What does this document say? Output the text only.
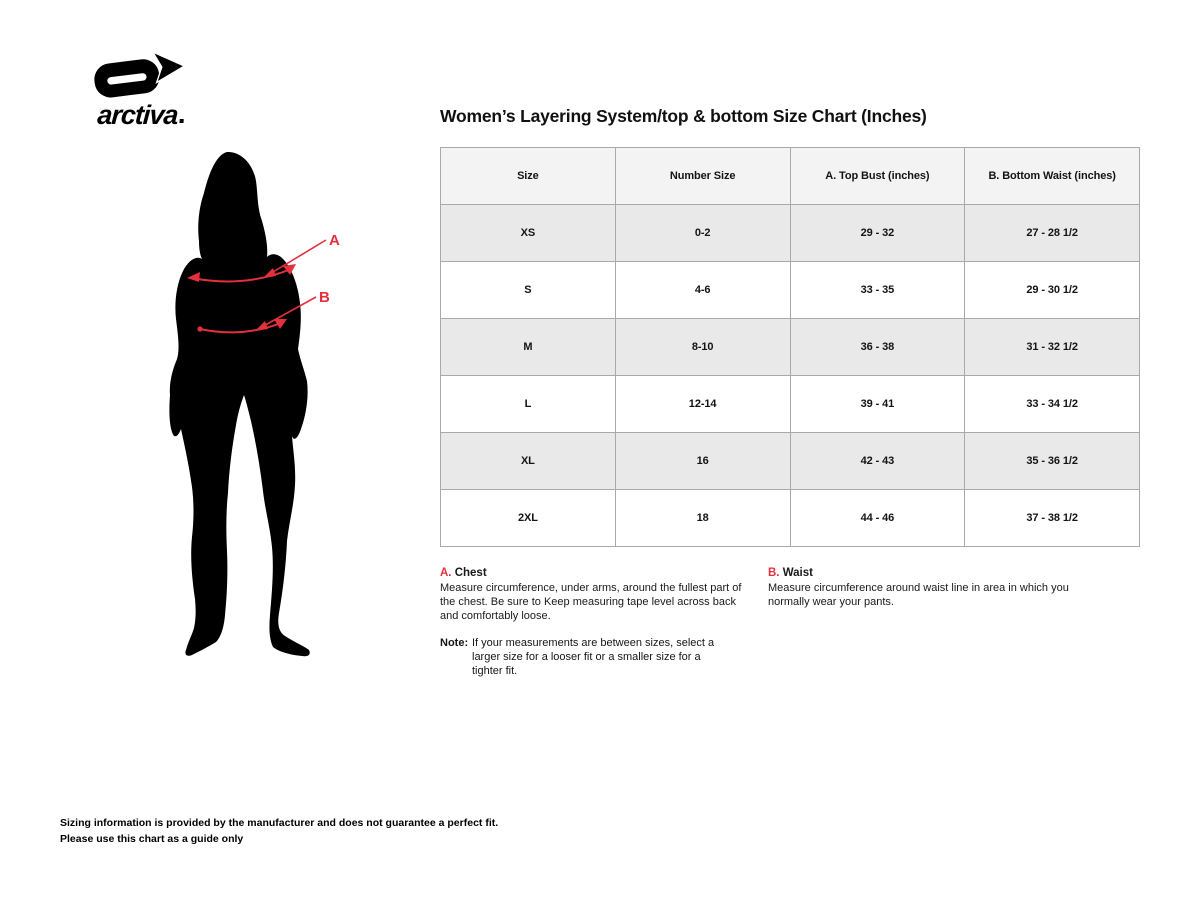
arctiva
A
B
Women’s Layering System/top & bottom Size Chart (Inches)
Size	Number Size	A. Top Bust (inches)	B. Bottom Waist (inches)
XS	0-2	29 - 32	27 - 28 1/2
S	4-6	33 - 35	29 - 30 1/2
M	8-10	36 - 38	31 - 32 1/2
L	12-14	39 - 41	33 - 34 1/2
XL	16	42 - 43	35 - 36 1/2
2XL	18	44 - 46	37 - 38 1/2
A. Chest
Measure circumference, under arms, around the fullest part of the chest. Be sure to Keep measuring tape level across back and comfortably loose.
Note: If your measurements are between sizes, select a larger size for a looser fit or a smaller size for a tighter fit.
B. Waist
Measure circumference around waist line in area in which you normally wear your pants.
Sizing information is provided by the manufacturer and does not guarantee a perfect fit.
Please use this chart as a guide only
